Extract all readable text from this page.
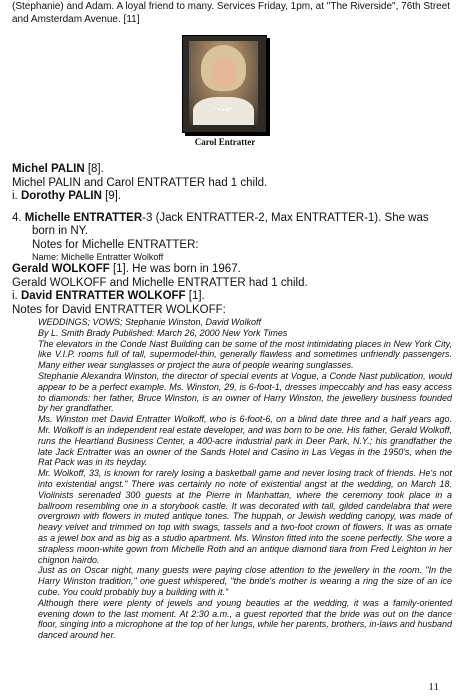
(Stephanie) and Adam. A loyal friend to many. Services Friday, 1pm, at "The Riverside", 76th Street and Amsterdam Avenue. [11]

Carol Entratter

Michel PALIN [8].

Michel PALIN and Carol ENTRATTER had 1 child.

i. Dorothy PALIN [9].

4. Michelle ENTRATTER-3 (Jack ENTRATTER-2, Max ENTRATTER-1). She was

born in NY.

Notes for Michelle ENTRATTER:

Name: Michelle Entratter Wolkoff

Gerald WOLKOFF [1]. He was born in 1967.

Gerald WOLKOFF and Michelle ENTRATTER had 1 child.

i. David ENTRATTER WOLKOFF [1].

Notes for David ENTRATTER WOLKOFF:

WEDDINGS; VOWS; Stephanie Winston, David Wolkoff

By L. Smith Brady Published: March 26, 2000 New York Times

The elevators in the Conde Nast Building can be some of the most intimidating places in New York City, like V.I.P. rooms full of tall, supermodel-thin, generally flawless and sometimes unfriendly passengers. Many either wear sunglasses or project the aura of people wearing sunglasses.

Stephanie Alexandra Winston, the director of special events at Vogue, a Conde Nast publication, would appear to be a perfect example. Ms. Winston, 29, is 6-foot-1, dresses impeccably and has easy access to diamonds: her father, Bruce Winston, is an owner of Harry Winston, the jewellery business founded by her grandfather.

Ms. Winston met David Entratter Wolkoff, who is 6-foot-6, on a blind date three and a half years ago. Mr. Wolkoff is an independent real estate developer, and was born to be one. His father, Gerald Wolkoff, runs the Heartland Business Center, a 400-acre industrial park in Deer Park, N.Y.; his grandfather the late Jack Entratter was an owner of the Sands Hotel and Casino in Las Vegas in the 1950's, when the Rat Pack was in its heyday.

Mr. Wolkoff, 33, is known for rarely losing a basketball game and never losing track of friends. He's not into existential angst." There was certainly no note of existential angst at the wedding, on March 18. Violinists serenaded 300 guests at the Pierre in Manhattan, where the ceremony took place in a ballroom resembling one in a storybook castle. It was decorated with tall, gilded candelabra that were overgrown with flowers in muted antique tones. The huppah, or Jewish wedding canopy, was made of heavy velvet and trimmed on top with swags, tassels and a two-foot crown of flowers. It was as ornate as a jewel box and as big as a studio apartment. Ms. Winston fitted into the scene perfectly. She wore a strapless moon-white gown from Michelle Roth and an antique diamond tiara from Fred Leighton in her chignon hairdo.

Just as on Oscar night, many guests were paying close attention to the jewellery in the room. "In the Harry Winston tradition," one guest whispered, "the bride's mother is wearing a ring the size of an ice cube. You could probably buy a building with it."

Although there were plenty of jewels and young beauties at the wedding, it was a family-oriented evening down to the last moment. At 2:30 a.m., a guest reported that the bride was out on the dance floor, singing into a microphone at the top of her lungs, while her parents, brothers, in-laws and husband danced around her.

11
